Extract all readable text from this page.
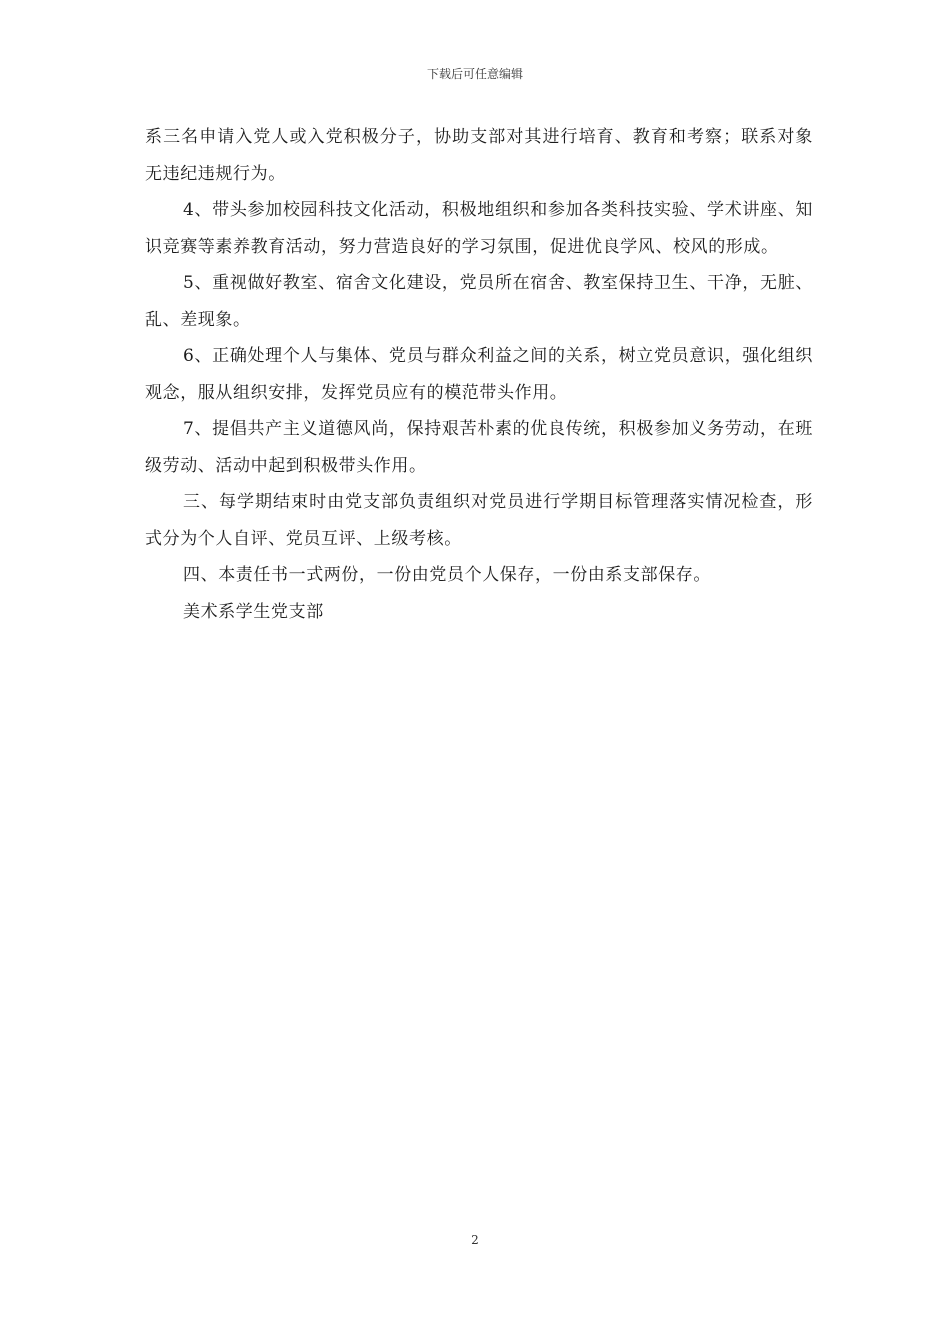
下载后可任意编辑

系三名申请入党人或入党积极分子，协助支部对其进行培育、教育和考察；联系对象无违纪违规行为。

4、带头参加校园科技文化活动，积极地组织和参加各类科技实验、学术讲座、知识竞赛等素养教育活动，努力营造良好的学习氛围，促进优良学风、校风的形成。

5、重视做好教室、宿舍文化建设，党员所在宿舍、教室保持卫生、干净，无脏、乱、差现象。

6、正确处理个人与集体、党员与群众利益之间的关系，树立党员意识，强化组织观念，服从组织安排，发挥党员应有的模范带头作用。

7、提倡共产主义道德风尚，保持艰苦朴素的优良传统，积极参加义务劳动，在班级劳动、活动中起到积极带头作用。

三、每学期结束时由党支部负责组织对党员进行学期目标管理落实情况检查，形式分为个人自评、党员互评、上级考核。

四、本责任书一式两份，一份由党员个人保存，一份由系支部保存。

美术系学生党支部

2
